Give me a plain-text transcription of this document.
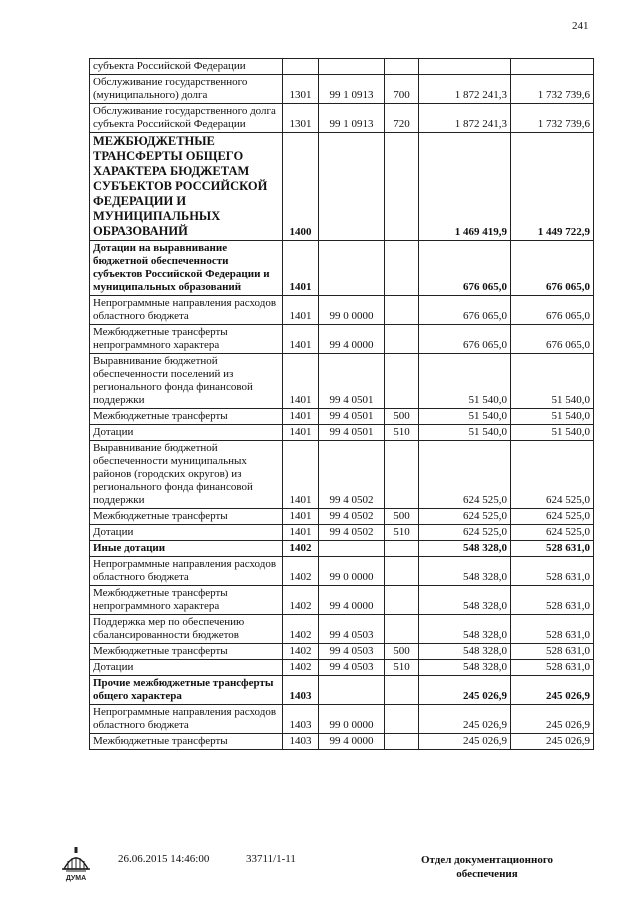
241
субъекта Российской Федерации					
Обслуживание государственного (муниципального) долга	1301	99 1 0913	700	1 872 241,3	1 732 739,6
Обслуживание государственного долга субъекта Российской Федерации	1301	99 1 0913	720	1 872 241,3	1 732 739,6
МЕЖБЮДЖЕТНЫЕ ТРАНСФЕРТЫ ОБЩЕГО ХАРАКТЕРА БЮДЖЕТАМ СУБЪЕКТОВ РОССИЙСКОЙ ФЕДЕРАЦИИ И МУНИЦИПАЛЬНЫХ ОБРАЗОВАНИЙ	1400			1 469 419,9	1 449 722,9
Дотации на выравнивание бюджетной обеспеченности субъектов Российской Федерации и муниципальных образований	1401			676 065,0	676 065,0
Непрограммные направления расходов областного бюджета	1401	99 0 0000		676 065,0	676 065,0
Межбюджетные трансферты непрограммного характера	1401	99 4 0000		676 065,0	676 065,0
Выравнивание бюджетной обеспеченности поселений из регионального фонда финансовой поддержки	1401	99 4 0501		51 540,0	51 540,0
Межбюджетные трансферты	1401	99 4 0501	500	51 540,0	51 540,0
Дотации	1401	99 4 0501	510	51 540,0	51 540,0
Выравнивание бюджетной обеспеченности муниципальных районов (городских округов) из регионального фонда финансовой поддержки	1401	99 4 0502		624 525,0	624 525,0
Межбюджетные трансферты	1401	99 4 0502	500	624 525,0	624 525,0
Дотации	1401	99 4 0502	510	624 525,0	624 525,0
Иные дотации	1402			548 328,0	528 631,0
Непрограммные направления расходов областного бюджета	1402	99 0 0000		548 328,0	528 631,0
Межбюджетные трансферты непрограммного характера	1402	99 4 0000		548 328,0	528 631,0
Поддержка мер по обеспечению сбалансированности бюджетов	1402	99 4 0503		548 328,0	528 631,0
Межбюджетные трансферты	1402	99 4 0503	500	548 328,0	528 631,0
Дотации	1402	99 4 0503	510	548 328,0	528 631,0
Прочие межбюджетные трансферты общего характера	1403			245 026,9	245 026,9
Непрограммные направления расходов областного бюджета	1403	99 0 0000		245 026,9	245 026,9
Межбюджетные трансферты	1403	99 4 0000		245 026,9	245 026,9
ДУМА
26.06.2015 14:46:00	33711/1-11	Отдел документационного
обеспечения
